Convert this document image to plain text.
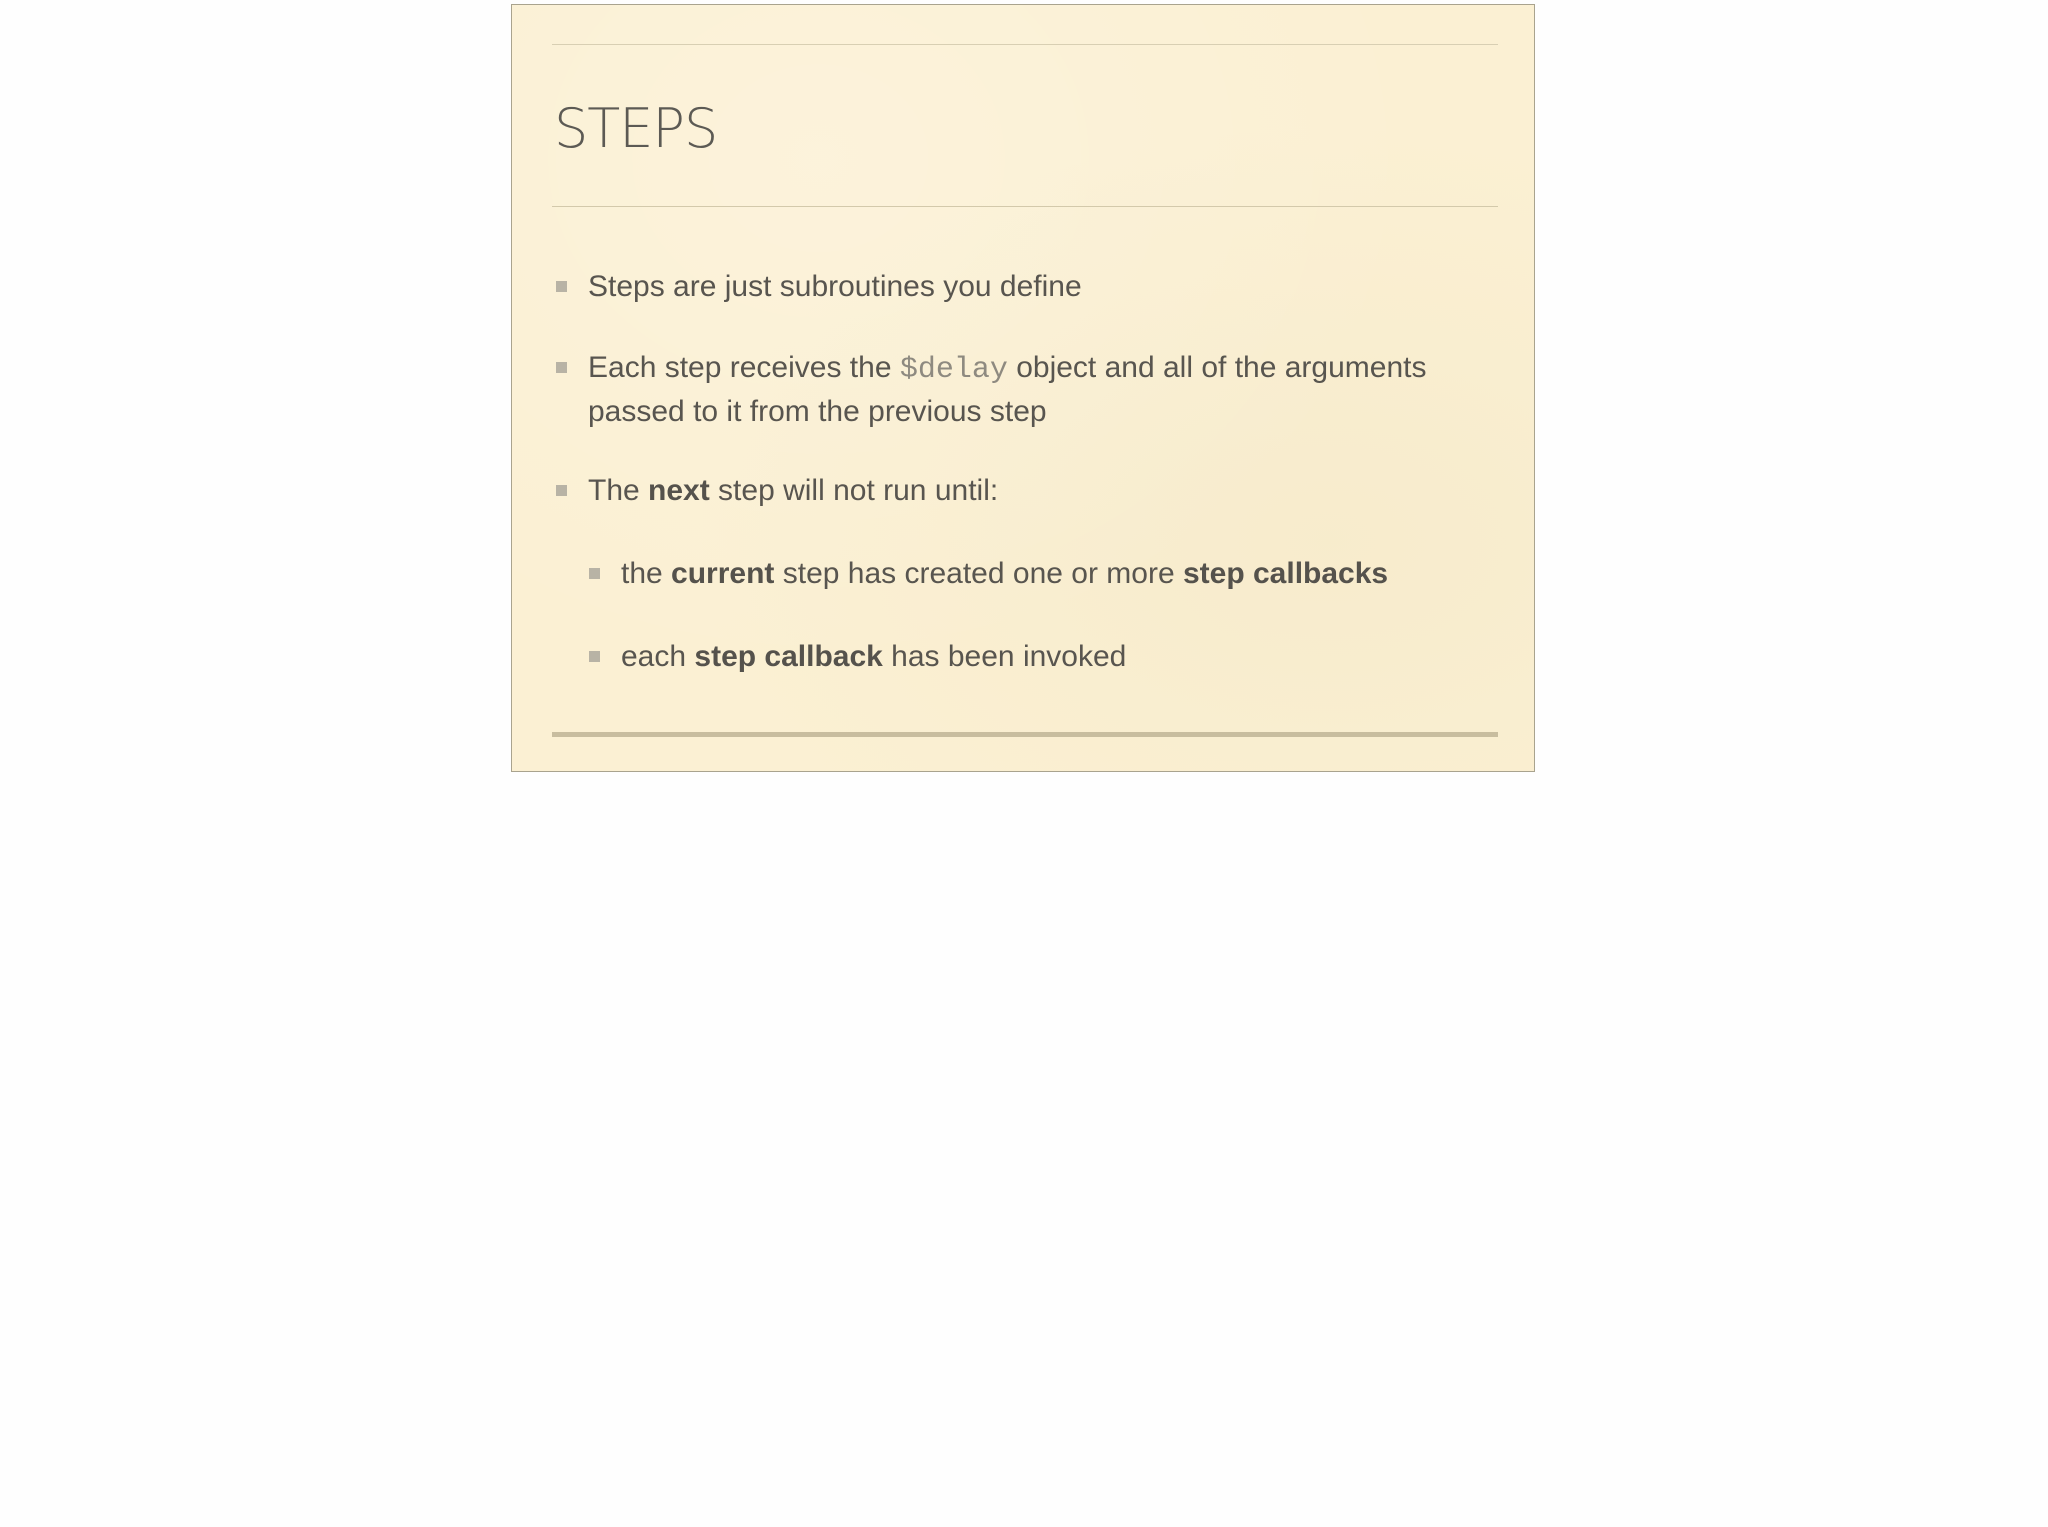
STEPS
Steps are just subroutines you define
Each step receives the $delay object and all of the arguments passed to it from the previous step
The next step will not run until:
the current step has created one or more step callbacks
each step callback has been invoked
